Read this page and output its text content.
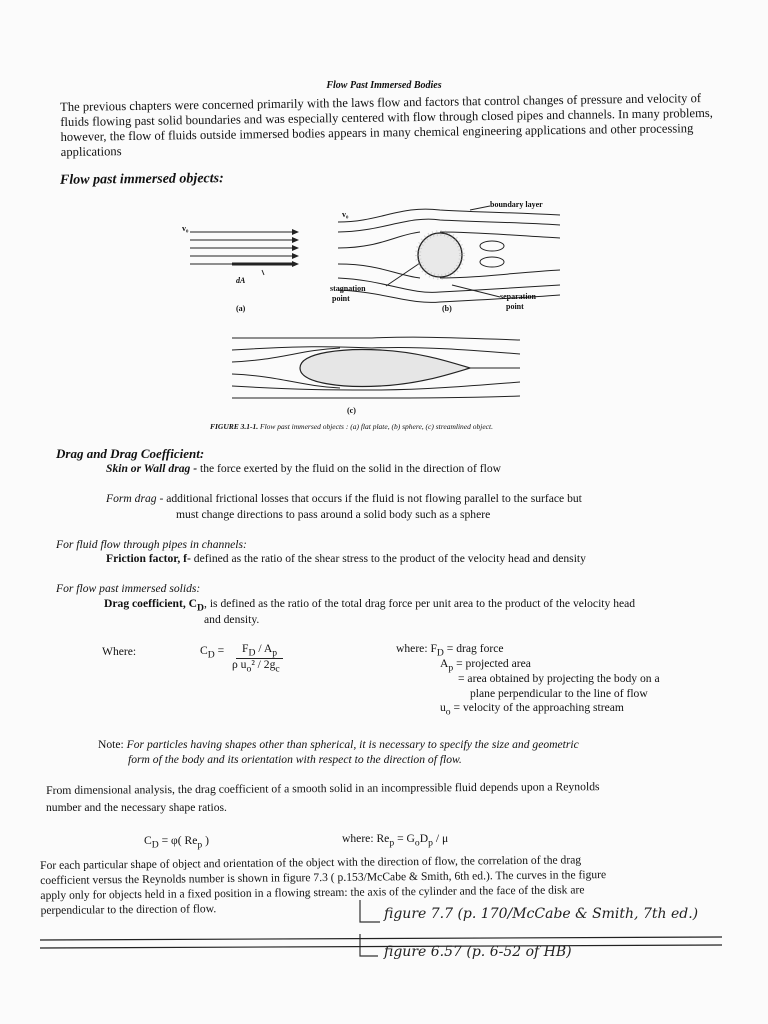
Flow Past Immersed Bodies
The previous chapters were concerned primarily with the laws flow and factors that control changes of pressure and velocity of fluids flowing past solid boundaries and was especially centered with flow through closed pipes and channels. In many problems, however, the flow of fluids outside immersed bodies appears in many chemical engineering applications and other processing applications
Flow past immersed objects:
boundary layer
v₀
v₀
dA
stagnation
point	separation
point
(a)	(b)
(c)
FIGURE 3.1-1. Flow past immersed objects : (a) flat plate, (b) sphere, (c) streamlined object.
Drag and Drag Coefficient:
Skin or Wall drag - the force exerted by the fluid on the solid in the direction of flow
Form drag - additional frictional losses that occurs if the fluid is not flowing parallel to the surface but
must change directions to pass around a solid body such as a sphere
For fluid flow through pipes in channels:
Friction factor, f- defined as the ratio of the shear stress to the product of the velocity head and density
For flow past immersed solids:
Drag coefficient, $C_D$, is defined as the ratio of the total drag force per unit area to the product of the velocity head
and density.
Where:	$C_D$ =	$F_D / A_p$
ρ $u_o^2 / 2g_c$
where: $F_D$ = drag force
$A_p$ = projected area
= area obtained by projecting the body on a
plane perpendicular to the line of flow
$u_o$ = velocity of the approaching stream
Note: For particles having shapes other than spherical, it is necessary to specify the size and geometric
form of the body and its orientation with respect to the direction of flow.
From dimensional analysis, the drag coefficient of a smooth solid in an incompressible fluid depends upon a Reynolds
number and the necessary shape ratios.
$C_D = \varphi$( $Re_p$ )	where: $Re_p = G_oD_p / \mu$
For each particular shape of object and orientation of the object with the direction of flow, the correlation of the drag
coefficient versus the Reynolds number is shown in figure 7.3 ( p.153/McCabe & Smith, 6th ed.). The curves in the figure
apply only for objects held in a fixed position in a flowing stream: the axis of the cylinder and the face of the disk are
perpendicular to the direction of flow.	figure 7.7 (p. 170/McCabe & Smith, 7th ed.)
figure 6.57 (p. 6-52 of HB)
